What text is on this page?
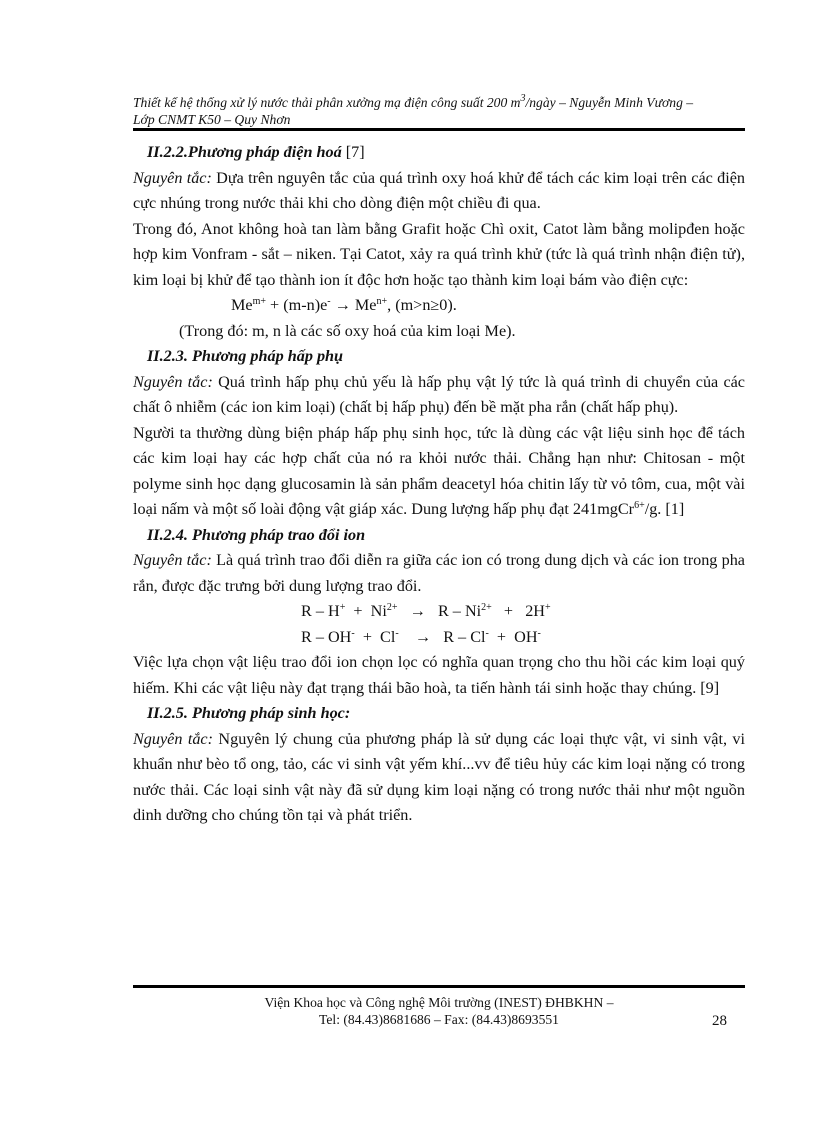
Thiết kế hệ thống xử lý nước thải phân xưởng mạ điện công suất 200 $m^3$/ngày – Nguyễn Minh Vương –
Lớp CNMT K50 – Quy Nhơn

II.2.2.Phương pháp điện hoá [7]

Nguyên tắc: Dựa trên nguyên tắc của quá trình oxy hoá khử để tách các kim loại trên các điện cực nhúng trong nước thải khi cho dòng điện một chiều đi qua.

Trong đó, Anot không hoà tan làm bằng Grafit hoặc Chì oxit, Catot làm bằng molipđen hoặc hợp kim Vonfram - sắt – niken. Tại Catot, xảy ra quá trình khử (tức là quá trình nhận điện tử), kim loại bị khử để tạo thành ion ít độc hơn hoặc tạo thành kim loại bám vào điện cực:

$Me^{m+} + (m-n)e^- \to Me^{n+}$, (m>n≥0).

(Trong đó: m, n là các số oxy hoá của kim loại Me).

II.2.3. Phương pháp hấp phụ

Nguyên tắc: Quá trình hấp phụ chủ yếu là hấp phụ vật lý tức là quá trình di chuyển của các chất ô nhiễm (các ion kim loại) (chất bị hấp phụ) đến bề mặt pha rắn (chất hấp phụ).

Người ta thường dùng biện pháp hấp phụ sinh học, tức là dùng các vật liệu sinh học để tách các kim loại hay các hợp chất của nó ra khỏi nước thải. Chẳng hạn như: Chitosan - một polyme sinh học dạng glucosamin là sản phẩm deacetyl hóa chitin lấy từ vỏ tôm, cua, một vài loại nấm và một số loài động vật giáp xác. Dung lượng hấp phụ đạt 241mgCr$^{6+}$/g. [1]

II.2.4. Phương pháp trao đổi ion

Nguyên tắc: Là quá trình trao đổi diễn ra giữa các ion có trong dung dịch và các ion trong pha rắn, được đặc trưng bởi dung lượng trao đổi.

$R - H^+ + Ni^{2+} \to R - Ni^{2+} + 2H^+$

R – OH-  +  Cl-    →   R – Cl-  +  OH-

Việc lựa chọn vật liệu trao đổi ion chọn lọc có nghĩa quan trọng cho thu hồi các kim loại quý hiếm. Khi các vật liệu này đạt trạng thái bão hoà, ta tiến hành tái sinh hoặc thay chúng. [9]

II.2.5. Phương pháp sinh học:

Nguyên tắc: Nguyên lý chung của phương pháp là sử dụng các loại thực vật, vi sinh vật, vi khuẩn như bèo tổ ong, tảo, các vi sinh vật yếm khí...vv để tiêu hủy các kim loại nặng có trong nước thải. Các loại sinh vật này đã sử dụng kim loại nặng có trong nước thải như một nguồn dinh dưỡng cho chúng tồn tại và phát triển.

Viện Khoa học và Công nghệ Môi trường (INEST) ĐHBKHN –
Tel: (84.43)8681686 – Fax: (84.43)8693551	28
